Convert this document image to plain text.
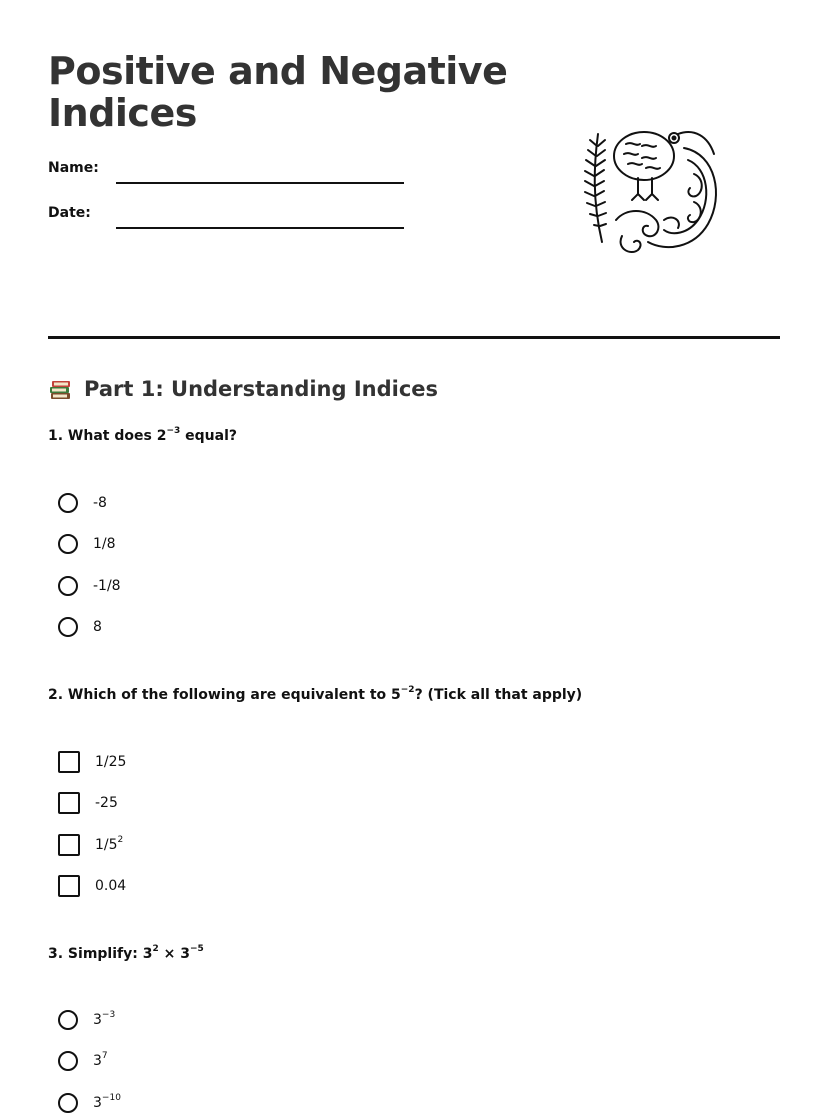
Positive and Negative Indices
Name:
Date:
Part 1: Understanding Indices
1. What does $2^{-3}$ equal?
-8
1/8
-1/8
8
2. Which of the following are equivalent to $5^{-2}$? (Tick all that apply)
1/25
-25
$1/5^2$
0.04
3. Simplify: $3^2 \times 3^{-5}$
$3^{-3}$
$3^7$
$3^{-10}$
